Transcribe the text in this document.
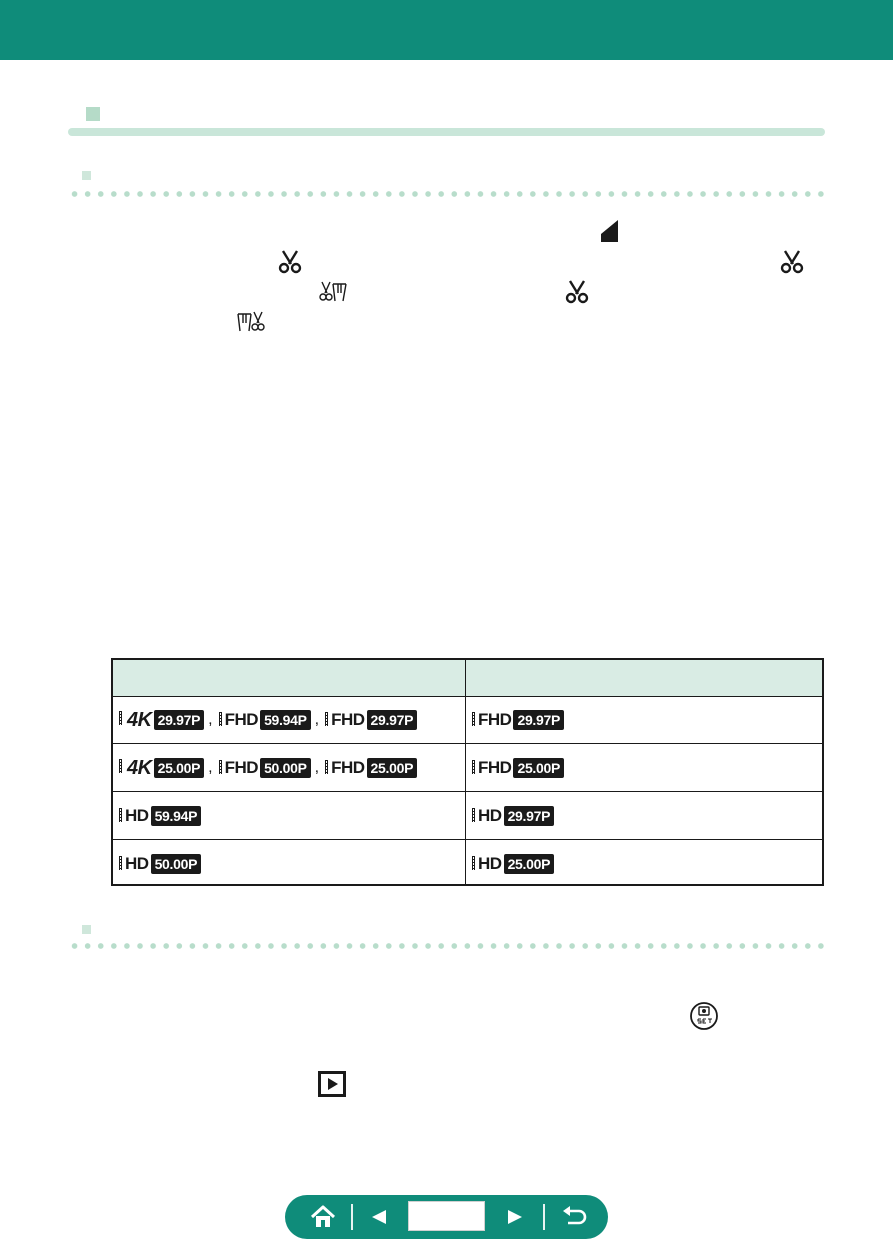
4K 29.97P , FHD 59.94P , FHD 29.97P	FHD 29.97P
4K 25.00P , FHD 50.00P , FHD 25.00P	FHD 25.00P
HD 59.94P	HD 29.97P
HD 50.00P	HD 25.00P
